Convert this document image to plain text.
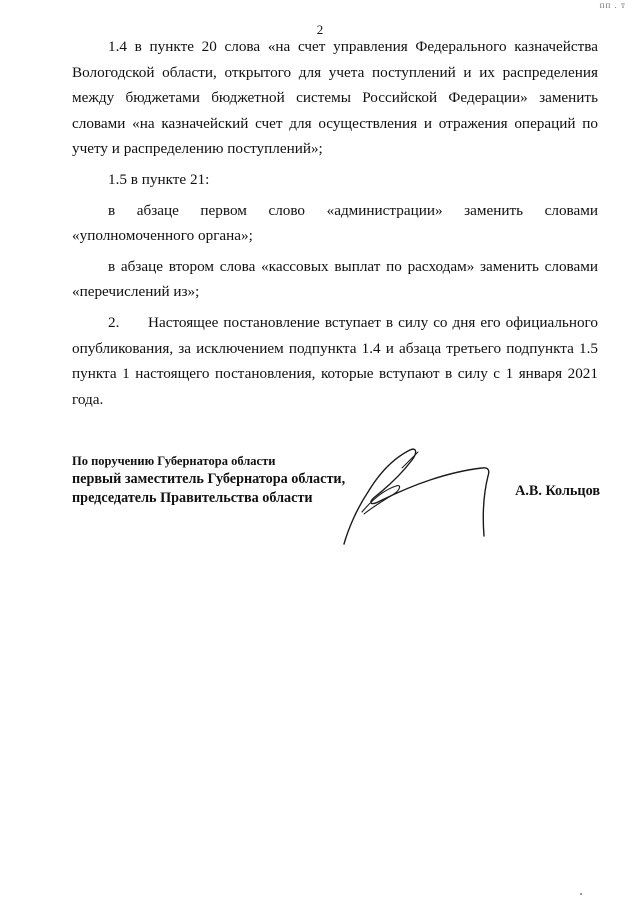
пп . т
2

1.4 в пункте 20 слова «на счет управления Федерального казначейства Вологодской области, открытого для учета поступлений и их распределения между бюджетами бюджетной системы Российской Федерации» заменить словами «на казначейский счет для осуществления и отражения операций по учету и распределению поступлений»;

1.5 в пункте 21:

в абзаце первом слово «администрации» заменить словами «уполномоченного органа»;

в абзаце втором слова «кассовых выплат по расходам» заменить словами «перечислений из»;

2. Настоящее постановление вступает в силу со дня его официального опубликования, за исключением подпункта 1.4 и абзаца третьего подпункта 1.5 пункта 1 настоящего постановления, которые вступают в силу с 1 января 2021 года.

По поручению Губернатора области
первый заместитель Губернатора области,
председатель Правительства области	А.В. Кольцов
